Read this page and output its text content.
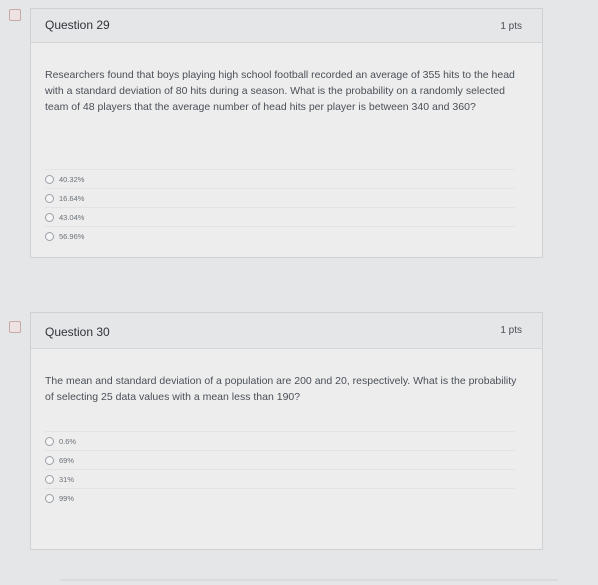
Question 29	1 pts
Researchers found that boys playing high school football recorded an average of 355 hits to the head with a standard deviation of 80 hits during a season. What is the probability on a randomly selected team of 48 players that the average number of head hits per player is between 340 and 360?
40.32%
16.64%
43.04%
56.96%
Question 30	1 pts
The mean and standard deviation of a population are 200 and 20, respectively. What is the probability of selecting 25 data values with a mean less than 190?
0.6%
69%
31%
99%
